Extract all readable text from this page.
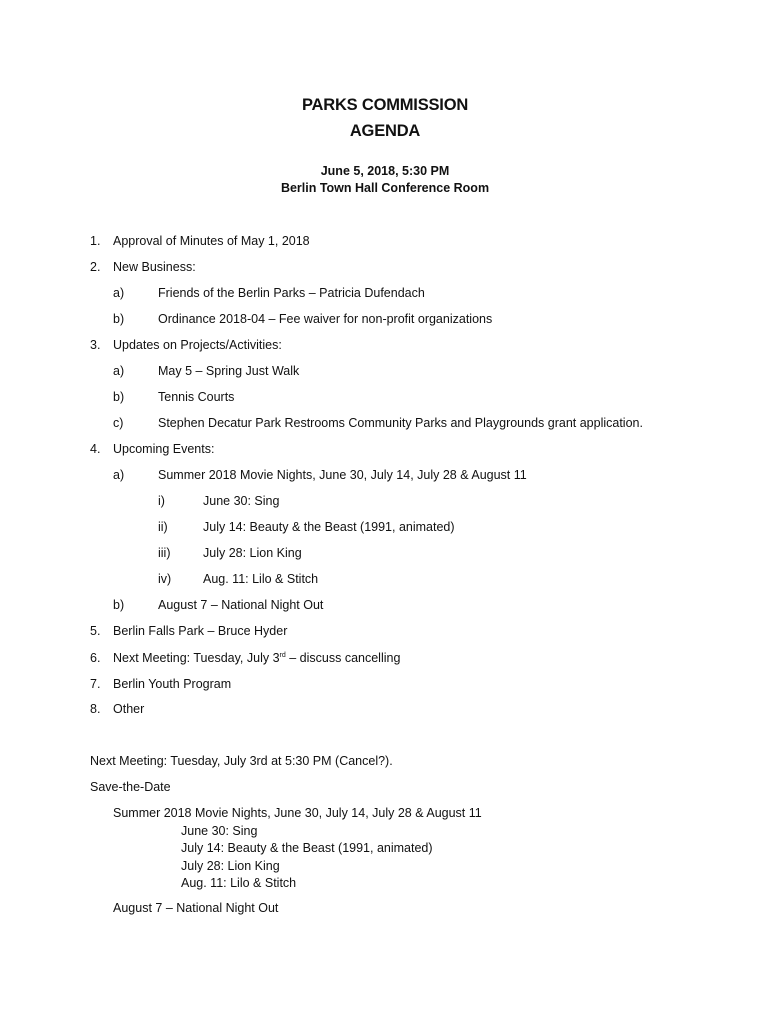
PARKS COMMISSION
AGENDA
June 5, 2018, 5:30 PM
Berlin Town Hall Conference Room
1. Approval of Minutes of May 1, 2018
2. New Business:
a)	Friends of the Berlin Parks – Patricia Dufendach
b)	Ordinance 2018-04 – Fee waiver for non-profit organizations
3. Updates on Projects/Activities:
a)	May 5 – Spring Just Walk
b)	Tennis Courts
c)	Stephen Decatur Park Restrooms Community Parks and Playgrounds grant application.
4. Upcoming Events:
a)	Summer 2018 Movie Nights, June 30, July 14, July 28 & August 11
i)	June 30: Sing
ii)	July 14: Beauty & the Beast (1991, animated)
iii)	July 28: Lion King
iv)	Aug. 11: Lilo & Stitch
b)	August 7 – National Night Out
5. Berlin Falls Park – Bruce Hyder
6. Next Meeting: Tuesday, July 3rd – discuss cancelling
7. Berlin Youth Program
8. Other
Next Meeting: Tuesday, July 3rd at 5:30 PM (Cancel?).
Save-the-Date
Summer 2018 Movie Nights, June 30, July 14, July 28 & August 11
June 30: Sing
July 14: Beauty & the Beast (1991, animated)
July 28: Lion King
Aug. 11: Lilo & Stitch
August 7 – National Night Out
